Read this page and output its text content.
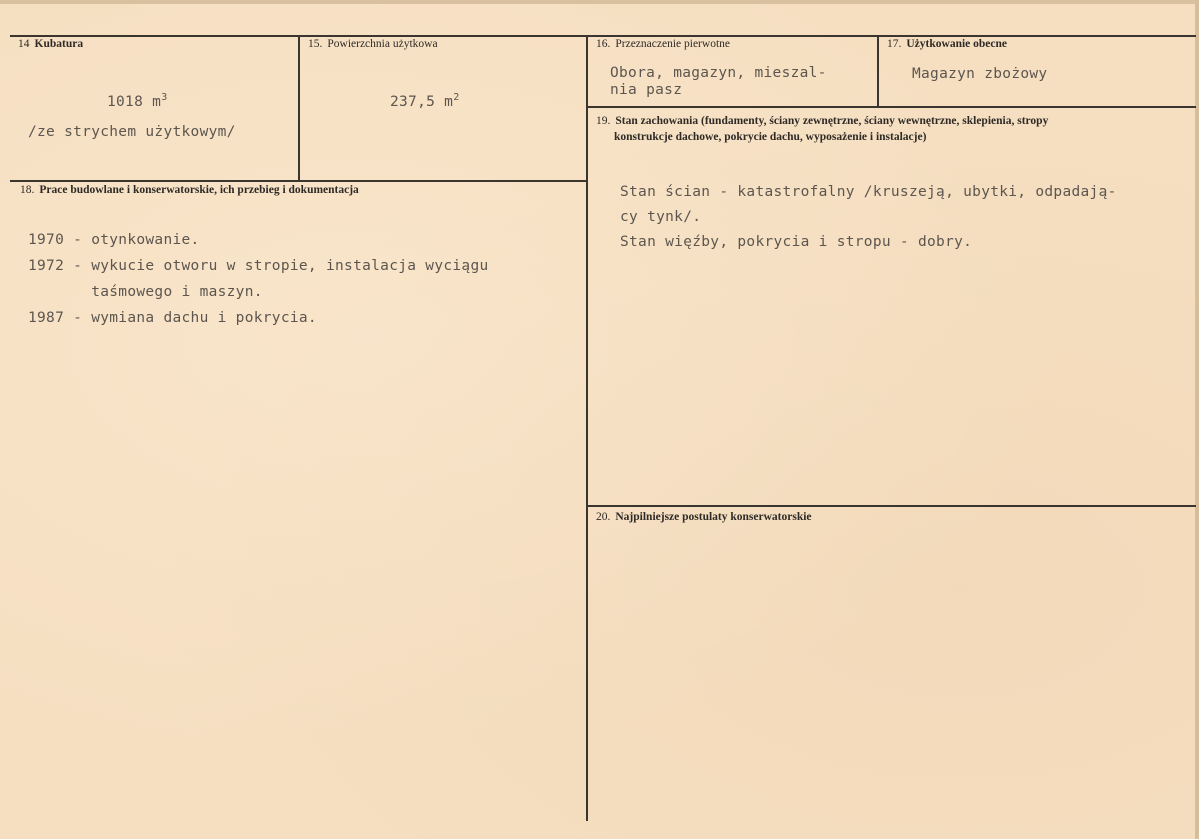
14 Kubatura
1018 $m^3$
/ze strychem użytkowym/
15. Powierzchnia użytkowa
237,5 $m^2$
16. Przeznaczenie pierwotne
Obora, magazyn, mieszal-
nia pasz
17. Użytkowanie obecne
Magazyn zbożowy
18. Prace budowlane i konserwatorskie, ich przebieg i dokumentacja
1970 - otynkowanie.
1972 - wykucie otworu w stropie, instalacja wyciągu
taśmowego i maszyn.
1987 - wymiana dachu i pokrycia.
19. Stan zachowania (fundamenty, ściany zewnętrzne, ściany wewnętrzne, sklepienia, stropy
konstrukcje dachowe, pokrycie dachu, wyposażenie i instalacje)
Stan ścian - katastrofalny /kruszeją, ubytki, odpadają-
cy tynk/.
Stan więźby, pokrycia i stropu - dobry.
20. Najpilniejsze postulaty konserwatorskie
